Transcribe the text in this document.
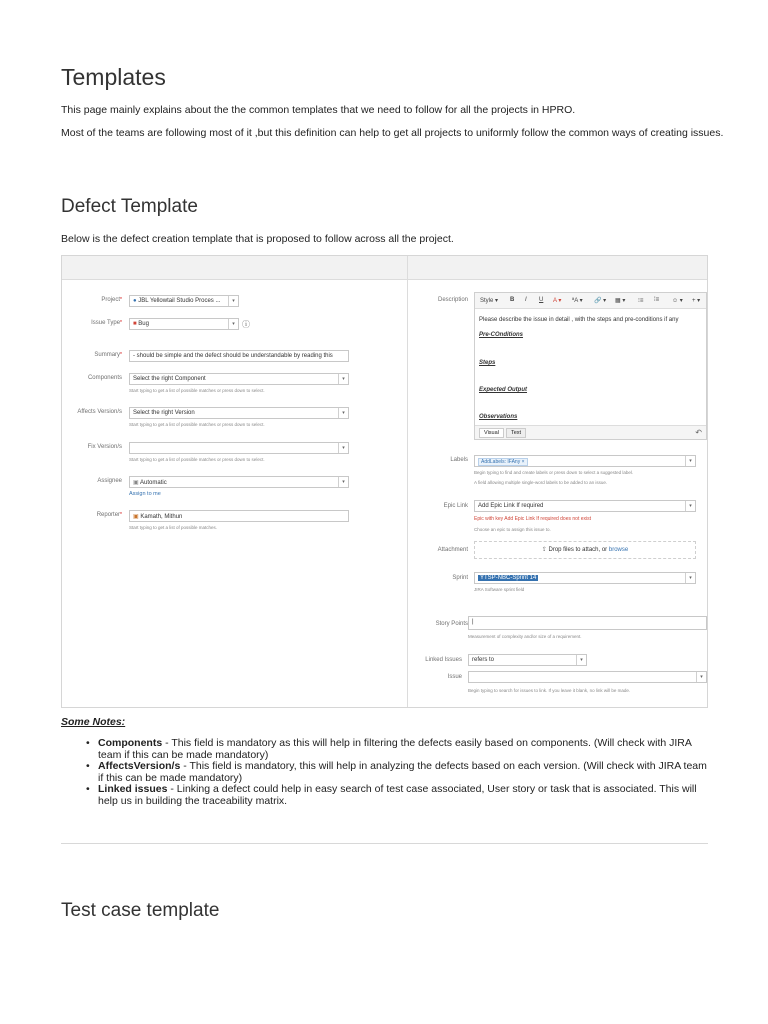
Templates
This page mainly explains about the the common templates that we need to follow for all the projects in HPRO.
Most of the teams are following most of it ,but this definition can help to get all projects to uniformly follow the common ways of creating issues.
Defect Template
Below is the defect creation template that is proposed to follow across all the project.
Project*	● JBL Yellowtail Studio Proces ...	▾
Issue Type*	■ Bug	▾ ⓘ
Summary*	- should be simple and the defect should be understandable by reading this
Components	Select the right Component	▾
Start typing to get a list of possible matches or press down to select.
Affects Version/s	Select the right Version	▾
Start typing to get a list of possible matches or press down to select.
Fix Version/s	▾
Start typing to get a list of possible matches or press down to select.
Assignee	▣ Automatic	▾
Assign to me
Reporter*	▣ Kamath, Mithun
Start typing to get a list of possible matches.
Description Style ▾ B I U A ▾ ªA ▾ 🔗 ▾ ▦ ▾ ⁝≡ ⁞≡ ☺ ▾ + ▾
Please describe the issue in detail , with the steps and pre-conditions if any
Pre-COnditions
Steps
Expected Output
Observations
Visual	Text	↶
Labels	AddLabels: IFAny ×	▾
Begin typing to find and create labels or press down to select a suggested label.
A field allowing multiple single-word labels to be added to an issue.
Epic Link	Add Epic Link If required	▾
Epic with key Add Epic Link If required does not exist
Choose an epic to assign this issue to.
Attachment	⇪ Drop files to attach, or browse
Sprint	YTSP-NBC-Sprint 14	▾
JIRA Software sprint field
Story Points |
Measurement of complexity and/or size of a requirement.
Linked Issues	refers to	▾
Issue	▾
Begin typing to search for issues to link. If you leave it blank, no link will be made.
Some Notes:
• Components - This field is mandatory as this will help in filtering the defects easily based on components. (Will check with JIRA team if this can be made mandatory)
• AffectsVersion/s - This field is mandatory, this will help in analyzing the defects based on each version. (Will check with JIRA team if this can be made mandatory)
• Linked issues - Linking a defect could help in easy search of test case associated, User story or task that is associated. This will help us in building the traceability matrix.
Test case template
